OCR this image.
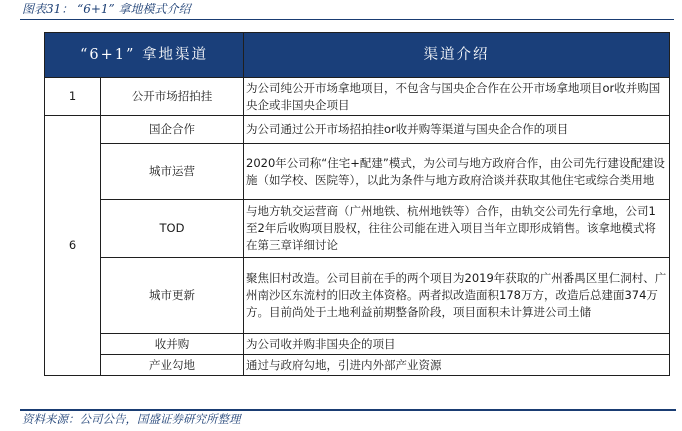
图表31： “6+1” 拿地模式介绍
“6+1” 拿地渠道		渠道介绍
1	公开市场招拍挂	为公司纯公开市场拿地项目，不包含与国央企合作在公开市场拿地项目or收并购国央企或非国央企项目
6	国企合作	为公司通过公开市场招拍挂or收并购等渠道与国央企合作的项目
	城市运营	2020年公司称“住宅+配建”模式，为公司与地方政府合作，由公司先行建设配建设施（如学校、医院等），以此为条件与地方政府洽谈并获取其他住宅或综合类用地
	TOD	与地方轨交运营商（广州地铁、杭州地铁等）合作，由轨交公司先行拿地，公司1至2年后收购项目股权，往往公司能在进入项目当年立即形成销售。该拿地模式将在第三章详细讨论
	城市更新	聚焦旧村改造。公司目前在手的两个项目为2019年获取的广州番禺区里仁洞村、广州南沙区东流村的旧改主体资格。两者拟改造面积178万方，改造后总建面374万方。目前尚处于土地利益前期整备阶段，项目面积未计算进公司土储
	收并购	为公司收并购非国央企的项目
	产业勾地	通过与政府勾地，引进内外部产业资源
资料来源：公司公告，国盛证券研究所整理
